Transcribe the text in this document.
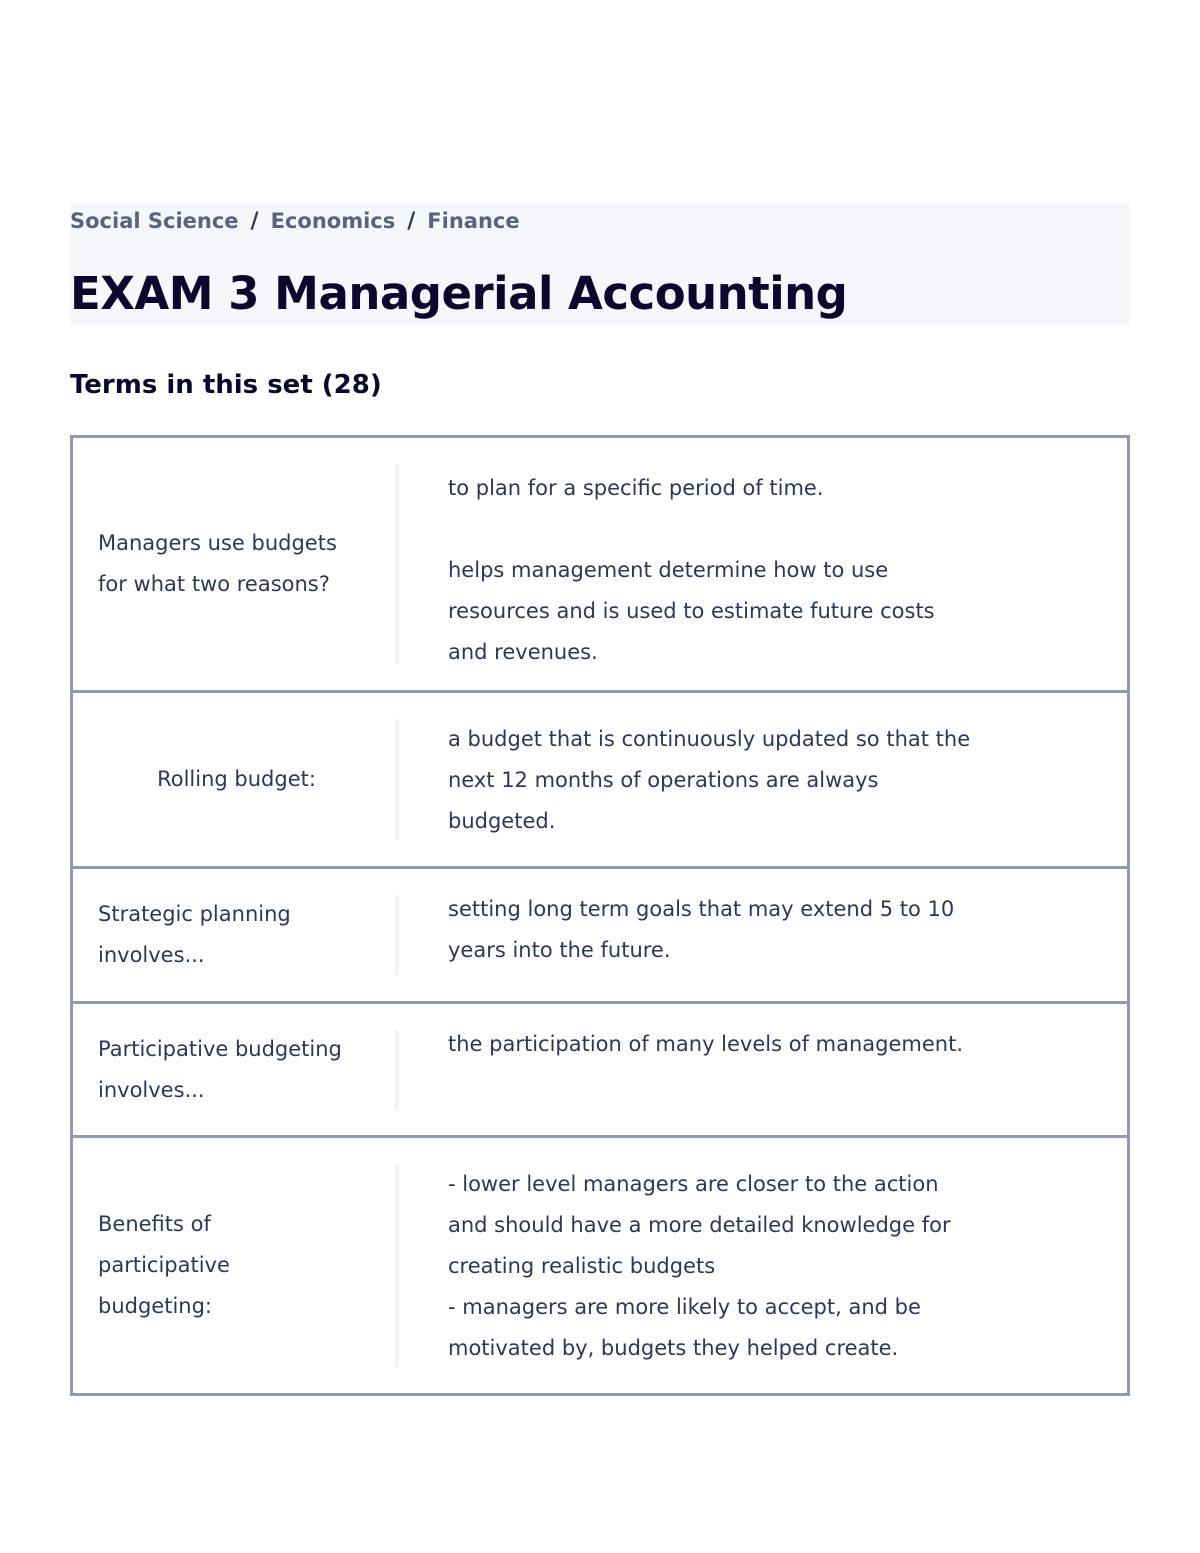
Social Science / Economics / Finance
EXAM 3 Managerial Accounting
Terms in this set (28)
Managers use budgets for what two reasons?
to plan for a specific period of time.

helps management determine how to use resources and is used to estimate future costs and revenues.
Rolling budget:
a budget that is continuously updated so that the next 12 months of operations are always budgeted.
Strategic planning involves...
setting long term goals that may extend 5 to 10 years into the future.
Participative budgeting involves...
the participation of many levels of management.
Benefits of participative budgeting:
- lower level managers are closer to the action and should have a more detailed knowledge for creating realistic budgets
- managers are more likely to accept, and be motivated by, budgets they helped create.
